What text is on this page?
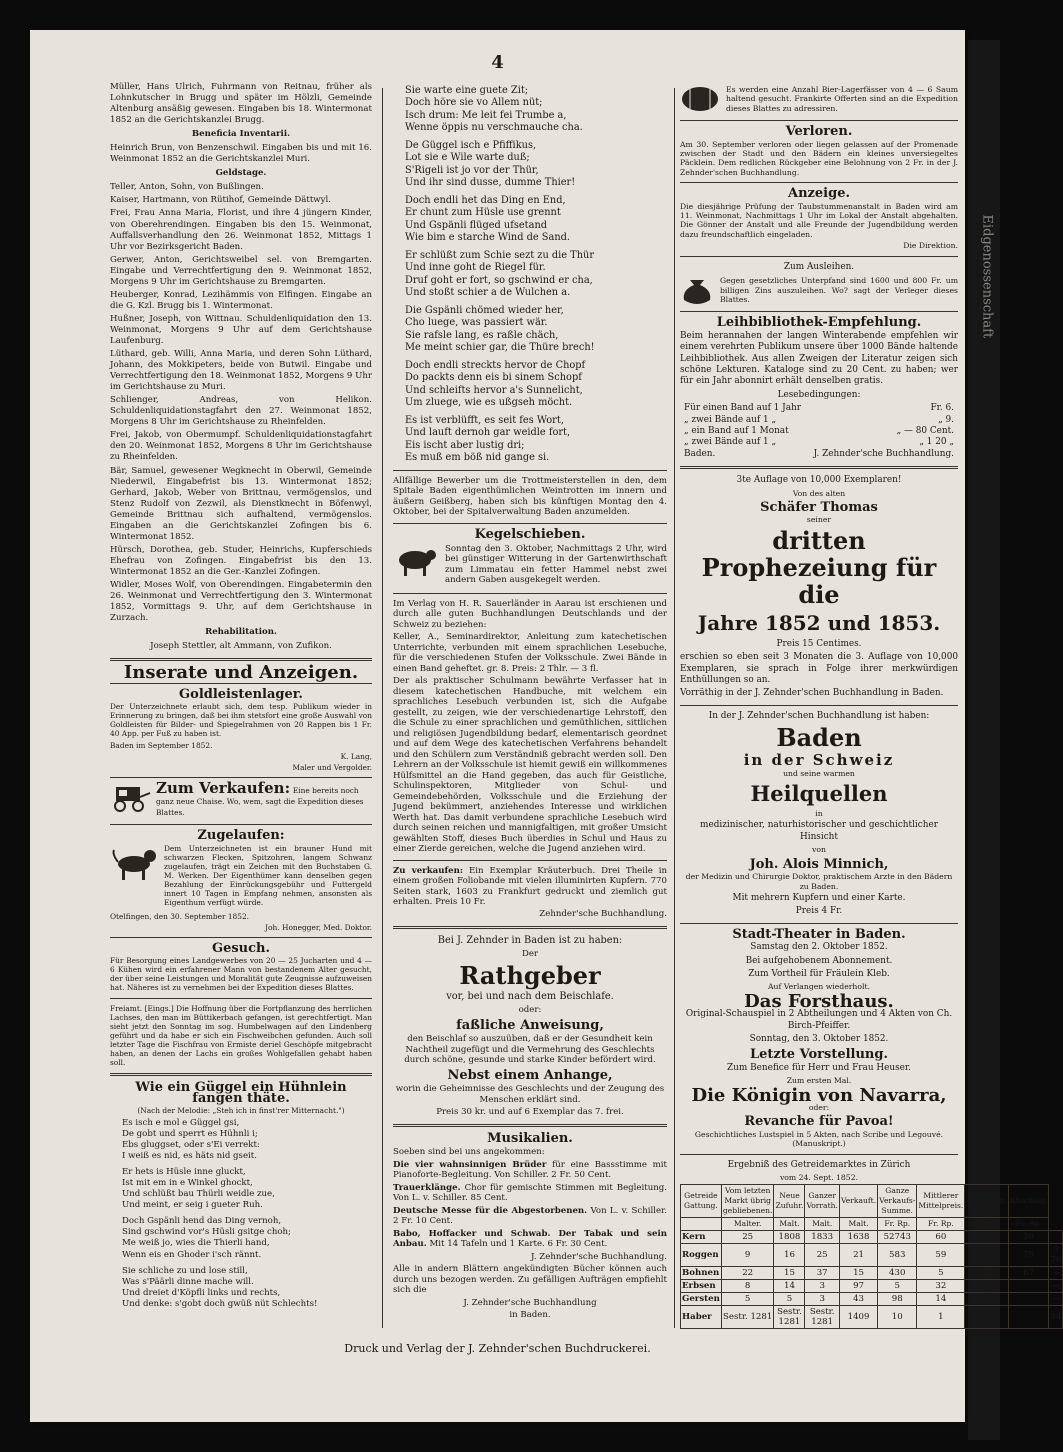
Eidgenossenschaft
4

Müller, Hans Ulrich, Fuhrmann von Reitnau, früher als Lohnkutscher in Brugg und später im Hölzli, Gemeinde Altenburg ansäßig gewesen. Eingaben bis 18. Wintermonat 1852 an die Gerichtskanzlei Brugg.

Beneficia Inventarii.

Heinrich Brun, von Benzenschwil. Eingaben bis und mit 16. Weinmonat 1852 an die Gerichtskanzlei Muri.

Geldstage.

Teller, Anton, Sohn, von Bußlingen.

Kaiser, Hartmann, von Rütihof, Gemeinde Dättwyl.

Frei, Frau Anna Maria, Florist, und ihre 4 jüngern Kinder, von Oberehrendingen. Eingaben bis den 15. Weinmonat, Auffallsverhandlung den 26. Weinmonat 1852, Mittags 1 Uhr vor Bezirksgericht Baden.

Gerwer, Anton, Gerichtsweibel sel. von Bremgarten. Eingabe und Verrechtfertigung den 9. Weinmonat 1852, Morgens 9 Uhr im Gerichtshause zu Bremgarten.

Heuberger, Konrad, Lezihämmis von Elfingen. Eingabe an die G. Kzl. Brugg bis 1. Wintermonat.

Hußner, Joseph, von Wittnau. Schuldenliquidation den 13. Weinmonat, Morgens 9 Uhr auf dem Gerichtshause Laufenburg.

Lüthard, geb. Willi, Anna Maria, und deren Sohn Lüthard, Johann, des Mokkipeters, beide von Butwil. Eingabe und Verrechtfertigung den 18. Weinmonat 1852, Morgens 9 Uhr im Gerichtshause zu Muri.

Schlienger, Andreas, von Helikon. Schuldenliquidationstagfahrt den 27. Weinmonat 1852, Morgens 8 Uhr im Gerichtshause zu Rheinfelden.

Frei, Jakob, von Obermumpf. Schuldenliquidationstagfahrt den 20. Weinmonat 1852, Morgens 8 Uhr im Gerichtshause zu Rheinfelden.

Bär, Samuel, gewesener Wegknecht in Oberwil, Gemeinde Niederwil, Eingabefrist bis 13. Wintermonat 1852; Gerhard, Jakob, Weber von Brittnau, vermögenslos, und Stenz Rudolf von Zezwil, als Dienstknecht in Böfenwyl, Gemeinde Brittnau sich aufhaltend, vermögenslos. Eingaben an die Gerichtskanzlei Zofingen bis 6. Wintermonat 1852.

Hürsch, Dorothea, geb. Studer, Heinrichs, Kupferschieds Ehefrau von Zofingen. Eingabefrist bis den 13. Wintermonat 1852 an die Ger.-Kanzlei Zofingen.

Widler, Moses Wolf, von Oberendingen. Eingabetermin den 26. Weinmonat und Verrechtfertigung den 3. Wintermonat 1852, Vormittags 9. Uhr, auf dem Gerichtshause in Zurzach.

Rehabilitation.

Joseph Stettler, alt Ammann, von Zufikon.

Inserate und Anzeigen.
Goldleistenlager.

Der Unterzeichnete erlaubt sich, dem tesp. Publikum wieder in Erinnerung zu bringen, daß bei ihm stetsfort eine große Auswahl von Goldleisten für Bilder- und Spiegelrahmen von 20 Rappen bis 1 Fr. 40 App. per Fuß zu haben ist.

Baden im September 1852.

K. Lang,

Maler und Vergolder.

Zum Verkaufen: Eine bereits noch ganz neue Chaise. Wo, wem, sagt die Expedition dieses Blattes.
Zugelaufen:

Dem Unterzeichneten ist ein brauner Hund mit schwarzen Flecken, Spitzohren, langem Schwanz zugelaufen, trägt ein Zeichen mit den Buchstaben G. M. Werken. Der Eigenthümer kann denselben gegen Bezahlung der Einrückungsgebühr und Futtergeld innert 10 Tagen in Empfang nehmen, ansonsten als Eigenthum verfügt würde.

Otelfingen, den 30. September 1852.

Joh. Honegger, Med. Doktor.

Gesuch.

Für Besorgung eines Landgewerbes von 20 — 25 Jucharten und 4 — 6 Kühen wird ein erfahrener Mann von bestandenem Alter gesucht, der über seine Leistungen und Moralität gute Zeugnisse aufzuweisen hat. Näheres ist zu vernehmen bei der Expedition dieses Blattes.

Freiamt. [Eings.] Die Hoffnung über die Fortpflanzung des herrlichen Lachses, den man im Büttikerbach gefangen, ist gerechtfertigt. Man sieht jetzt den Sonntag im sog. Humbelwagen auf den Lindenberg geführt und da habe er sich ein Fischweibchen gefunden. Auch soll letzter Tage die Fischfrau von Ermiste deriel Geschöpfe mitgebracht haben, an denen der Lachs ein großes Wohlgefallen gehabt haben soll.

Wie ein Güggel ein Hühnlein fangen thäte.

(Nach der Melodie: „Steh ich in finst'rer Mitternacht.")

Es isch e mol e Güggel gsi,
De gobt und sperrt es Hühnli i;
Ebs gluggset, oder s'Ei verrekt:
I weiß es nid, es häts nid gseit.
Er hets is Hüsle inne gluckt,
Ist mit em in e Winkel ghockt,
Und schlüßt bau Thürli weidle zue,
Und meint, er seig i gueter Ruh.
Doch Gspänli hend das Ding vernoh,
Sind gschwind vor's Hüsli gsitge choh;
Me weiß jo, wies die Thierli hand,
Wenn eis en Ghoder i'sch rännt.
Sie schliche zu und lose still,
Was s'Päärli dinne mache will.
Und dreiet d'Köpfli links und rechts,
Und denke: s'gobt doch gwüß nüt Schlechts!
Sie warte eine guete Zit;
Doch höre sie vo Allem nüt;
Isch drum: Me leit fei Trumbe a,
Wenne öppis nu verschmauche cha.
De Güggel isch e Pfiffikus,
Lot sie e Wile warte duß;
S'Rigeli ist jo vor der Thür,
Und ihr sind dusse, dumme Thier!
Doch endli het das Ding en End,
Er chunt zum Hüsle use grennt
Und Gspänli flüged ufsetand
Wie bim e starche Wind de Sand.
Er schlüßt zum Schie sezt zu die Thür
Und inne goht de Riegel für.
Druf goht er fort, so gschwind er cha,
Und stoßt schier a de Wulchen a.
Die Gspänli chömed wieder her,
Cho luege, was passiert wär.
Sie rafsle lang, es raßle chäch,
Me meint schier gar, die Thüre brech!
Doch endli streckts hervor de Chopf
Do packts denn eis bi sinem Schopf
Und schleifts hervor a's Sunnelicht,
Um zluege, wie es ußgseh möcht.
Es ist verblüfft, es seit fes Wort,
Und lauft dernoh gar weidle fort,
Eis ischt aber lustig dri;
Es muß em böß nid gange si.

Allfällige Bewerber um die Trottmeisterstellen in den, dem Spitale Baden eigenthümlichen Weintrotten im innern und äußern Geißberg, haben sich bis künftigen Montag den 4. Oktober, bei der Spitalverwaltung Baden anzumelden.

Kegelschieben.

Sonntag den 3. Oktober, Nachmittags 2 Uhr, wird bei günstiger Witterung in der Gartenwirthschaft zum Limmatau ein fetter Hammel nebst zwei andern Gaben ausgekegelt werden.

Im Verlag von H. R. Sauerländer in Aarau ist erschienen und durch alle guten Buchhandlungen Deutschlands und der Schweiz zu beziehen:

Keller, A., Seminardirektor, Anleitung zum katechetischen Unterrichte, verbunden mit einem sprachlichen Lesebuche, für die verschiedenen Stufen der Volksschule. Zwei Bände in einen Band geheftet. gr. 8. Preis: 2 Thlr. — 3 fl.

Der als praktischer Schulmann bewährte Verfasser hat in diesem katechetischen Handbuche, mit welchem ein sprachliches Lesebuch verbunden ist, sich die Aufgabe gestellt, zu zeigen, wie der verschiedenartige Lehrstoff, den die Schule zu einer sprachlichen und gemüthlichen, sittlichen und religiösen Jugendbildung bedarf, elementarisch geordnet und auf dem Wege des katechetischen Verfahrens behandelt und den Schülern zum Verständniß gebracht werden soll. Den Lehrern an der Volksschule ist hiemit gewiß ein willkommenes Hülfsmittel an die Hand gegeben, das auch für Geistliche, Schulinspektoren, Mitglieder von Schul- und Gemeindebehörden, Volksschule und die Erziehung der Jugend bekümmert, anziehendes Interesse und wirklichen Werth hat. Das damit verbundene sprachliche Lesebuch wird durch seinen reichen und mannigfaltigen, mit großer Umsicht gewählten Stoff, dieses Buch überdies in Schul und Haus zu einer Zierde gereichen, welche die Jugend anziehen wird.

Zu verkaufen: Ein Exemplar Kräuterbuch. Drei Theile in einem großen Foliobande mit vielen illuminirten Kupfern. 770 Seiten stark, 1603 zu Frankfurt gedruckt und ziemlich gut erhalten. Preis 10 Fr.

Zehnder'sche Buchhandlung.

Bei J. Zehnder in Baden ist zu haben:

Der

Rathgeber

vor, bei und nach dem Beischlafe.

oder:

faßliche Anweisung,

den Beischlaf so auszuüben, daß er der Gesundheit kein Nachtheil zugefügt und die Vermehrung des Geschlechts durch schöne, gesunde und starke Kinder befördert wird.

Nebst einem Anhange,

worin die Geheimnisse des Geschlechts und der Zeugung des Menschen erklärt sind.

Preis 30 kr. und auf 6 Exemplar das 7. frei.

Musikalien.

Soeben sind bei uns angekommen:

Die vier wahnsinnigen Brüder für eine Bassstimme mit Pianoforte-Begleitung. Von Schiller. 2 Fr. 50 Cent.

Trauerklänge. Chor für gemischte Stimmen mit Begleitung. Von L. v. Schiller. 85 Cent.

Deutsche Messe für die Abgestorbenen. Von L. v. Schiller. 2 Fr. 10 Cent.

Babo, Hoffacker und Schwab. Der Tabak und sein Anbau. Mit 14 Tafeln und 1 Karte. 6 Fr. 30 Cent.

J. Zehnder'sche Buchhandlung.

Alle in andern Blättern angekündigten Bücher können auch durch uns bezogen werden. Zu gefälligen Aufträgen empfiehlt sich die

J. Zehnder'sche Buchhandlung

in Baden.

Es werden eine Anzahl Bier-Lagerfässer von 4 — 6 Saum haltend gesucht. Frankirte Offerten sind an die Expedition dieses Blattes zu adressiren.

Verloren.

Am 30. September verloren oder liegen gelassen auf der Promenade zwischen der Stadt und den Bädern ein kleines unversiegeltes Päcklein. Dem redlichen Rückgeber eine Belohnung von 2 Fr. in der J. Zehnder'schen Buchhandlung.

Anzeige.

Die diesjährige Prüfung der Taubstummenanstalt in Baden wird am 11. Weinmonat, Nachmittags 1 Uhr im Lokal der Anstalt abgehalten. Die Gönner der Anstalt und alle Freunde der Jugendbildung werden dazu freundschaftlich eingeladen.

Die Direktion.

Zum Ausleihen.

Gegen gesetzliches Unterpfand sind 1600 und 800 Fr. um billigen Zins auszuleihen. Wo? sagt der Verleger dieses Blattes.

Leihbibliothek-Empfehlung.

Beim herannahen der langen Winterabende empfehlen wir einem verehrten Publikum unsere über 1000 Bände haltende Leihbibliothek. Aus allen Zweigen der Literatur zeigen sich schöne Lekturen. Kataloge sind zu 20 Cent. zu haben; wer für ein Jahr abonnirt erhält denselben gratis.

Lesebedingungen:

Für einen Band auf 1 Jahr	Fr. 6.
„ zwei Bände auf 1 „	„ 9.
„ ein Band auf 1 Monat	„ — 80 Cent.
„ zwei Bände auf 1 „	„ 1 20 „
Baden.	J. Zehnder'sche Buchhandlung.

3te Auflage von 10,000 Exemplaren!

Von des alten

Schäfer Thomas

seiner

dritten Prophezeiung für die
Jahre 1852 und 1853.

Preis 15 Centimes.

erschien so eben seit 3 Monaten die 3. Auflage von 10,000 Exemplaren, sie sprach in Folge ihrer merkwürdigen Enthüllungen so an.

Vorräthig in der J. Zehnder'schen Buchhandlung in Baden.

In der J. Zehnder'schen Buchhandlung ist haben:

Baden
in der Schweiz

und seine warmen

Heilquellen

in

medizinischer, naturhistorischer und geschichtlicher Hinsicht

von

Joh. Alois Minnich,

der Medizin und Chirurgie Doktor, praktischem Arzte in den Bädern zu Baden.

Mit mehrern Kupfern und einer Karte.

Preis 4 Fr.

Stadt-Theater in Baden.

Samstag den 2. Oktober 1852.

Bei aufgehobenem Abonnement.

Zum Vortheil für Fräulein Kleb.

Auf Verlangen wiederholt.

Das Forsthaus.

Original-Schauspiel in 2 Abtheilungen und 4 Akten von Ch. Birch-Pfeiffer.

Sonntag, den 3. Oktober 1852.

Letzte Vorstellung.

Zum Benefice für Herr und Frau Heuser.

Zum ersten Mal.

Die Königin von Navarra,

oder:

Revanche für Pavoa!

Geschichtliches Lustspiel in 5 Akten, nach Scribe und Legouvé. (Manuskript.)

Ergebniß des Getreidemarktes in Zürich

vom 24. Sept. 1852.

Getreide Gattung.	Vom letzten Markt übrig gebliebenen.	Neue Zufuhr.	Ganzer Vorrath.	Verkauft.	Ganze Verkaufs-Summe.	Mittlerer Mittelpreis.	Aufschlag.	Abschlag.	
	Malter.	Malt.	Malt.	Malt.	Fr. Rp.	Fr. Rp.	Fr. Rp.	Fr. Rp.	
Kern	25	1808	1833	1638	52743	60	32	20	
Roggen	9	16	25	21	583	59	27	79	3 76
Bohnen	22	15	37	15	430	5	28	67	—
Erbsen	8	14	3	97	5	32	33		—
Gersten	5	5	3	43	98	14	68		—
Haber	Sestr. 1281	Sestr. 1281	Sestr. 1281	1409	10	1			34
Druck und Verlag der J. Zehnder'schen Buchdruckerei.
